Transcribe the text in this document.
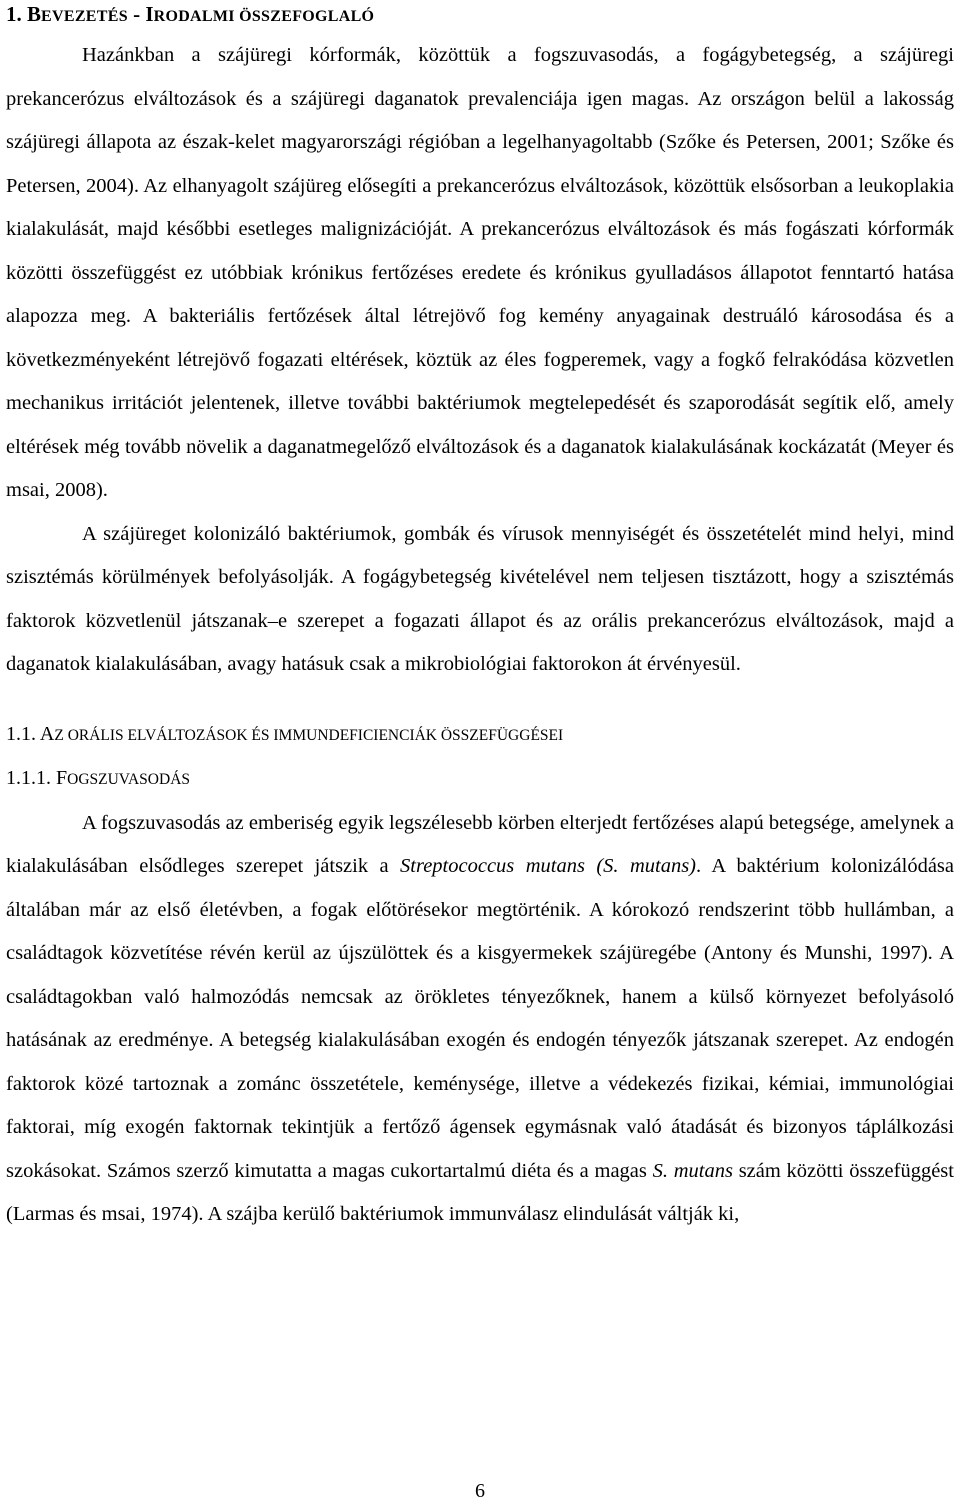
1. BEVEZETÉS - IRODALMI ÖSSZEFOGLALÓ

Hazánkban a szájüregi kórformák, közöttük a fogszuvasodás, a fogágybetegség, a szájüregi prekancerózus elváltozások és a szájüregi daganatok prevalenciája igen magas. Az országon belül a lakosság szájüregi állapota az észak-kelet magyarországi régióban a legelhanyagoltabb (Szőke és Petersen, 2001; Szőke és Petersen, 2004). Az elhanyagolt szájüreg elősegíti a prekancerózus elváltozások, közöttük elsősorban a leukoplakia kialakulását, majd későbbi esetleges malignizációját. A prekancerózus elváltozások és más fogászati kórformák közötti összefüggést ez utóbbiak krónikus fertőzéses eredete és krónikus gyulladásos állapotot fenntartó hatása alapozza meg. A bakteriális fertőzések által létrejövő fog kemény anyagainak destruáló károsodása és a következményeként létrejövő fogazati eltérések, köztük az éles fogperemek, vagy a fogkő felrakódása közvetlen mechanikus irritációt jelentenek, illetve további baktériumok megtelepedését és szaporodását segítik elő, amely eltérések még tovább növelik a daganatmegelőző elváltozások és a daganatok kialakulásának kockázatát (Meyer és msai, 2008).

A szájüreget kolonizáló baktériumok, gombák és vírusok mennyiségét és összetételét mind helyi, mind szisztémás körülmények befolyásolják. A fogágybetegség kivételével nem teljesen tisztázott, hogy a szisztémás faktorok közvetlenül játszanak–e szerepet a fogazati állapot és az orális prekancerózus elváltozások, majd a daganatok kialakulásában, avagy hatásuk csak a mikrobiológiai faktorokon át érvényesül.

1.1. AZ ORÁLIS ELVÁLTOZÁSOK ÉS IMMUNDEFICIENCIÁK ÖSSZEFÜGGÉSEI
1.1.1. FOGSZUVASODÁS

A fogszuvasodás az emberiség egyik legszélesebb körben elterjedt fertőzéses alapú betegsége, amelynek a kialakulásában elsődleges szerepet játszik a Streptococcus mutans (S. mutans). A baktérium kolonizálódása általában már az első életévben, a fogak előtörésekor megtörténik. A kórokozó rendszerint több hullámban, a családtagok közvetítése révén kerül az újszülöttek és a kisgyermekek szájüregébe (Antony és Munshi, 1997). A családtagokban való halmozódás nemcsak az örökletes tényezőknek, hanem a külső környezet befolyásoló hatásának az eredménye. A betegség kialakulásában exogén és endogén tényezők játszanak szerepet. Az endogén faktorok közé tartoznak a zománc összetétele, keménysége, illetve a védekezés fizikai, kémiai, immunológiai faktorai, míg exogén faktornak tekintjük a fertőző ágensek egymásnak való átadását és bizonyos táplálkozási szokásokat. Számos szerző kimutatta a magas cukortartalmú diéta és a magas S. mutans szám közötti összefüggést (Larmas és msai, 1974). A szájba kerülő baktériumok immunválasz elindulását váltják ki,

6
